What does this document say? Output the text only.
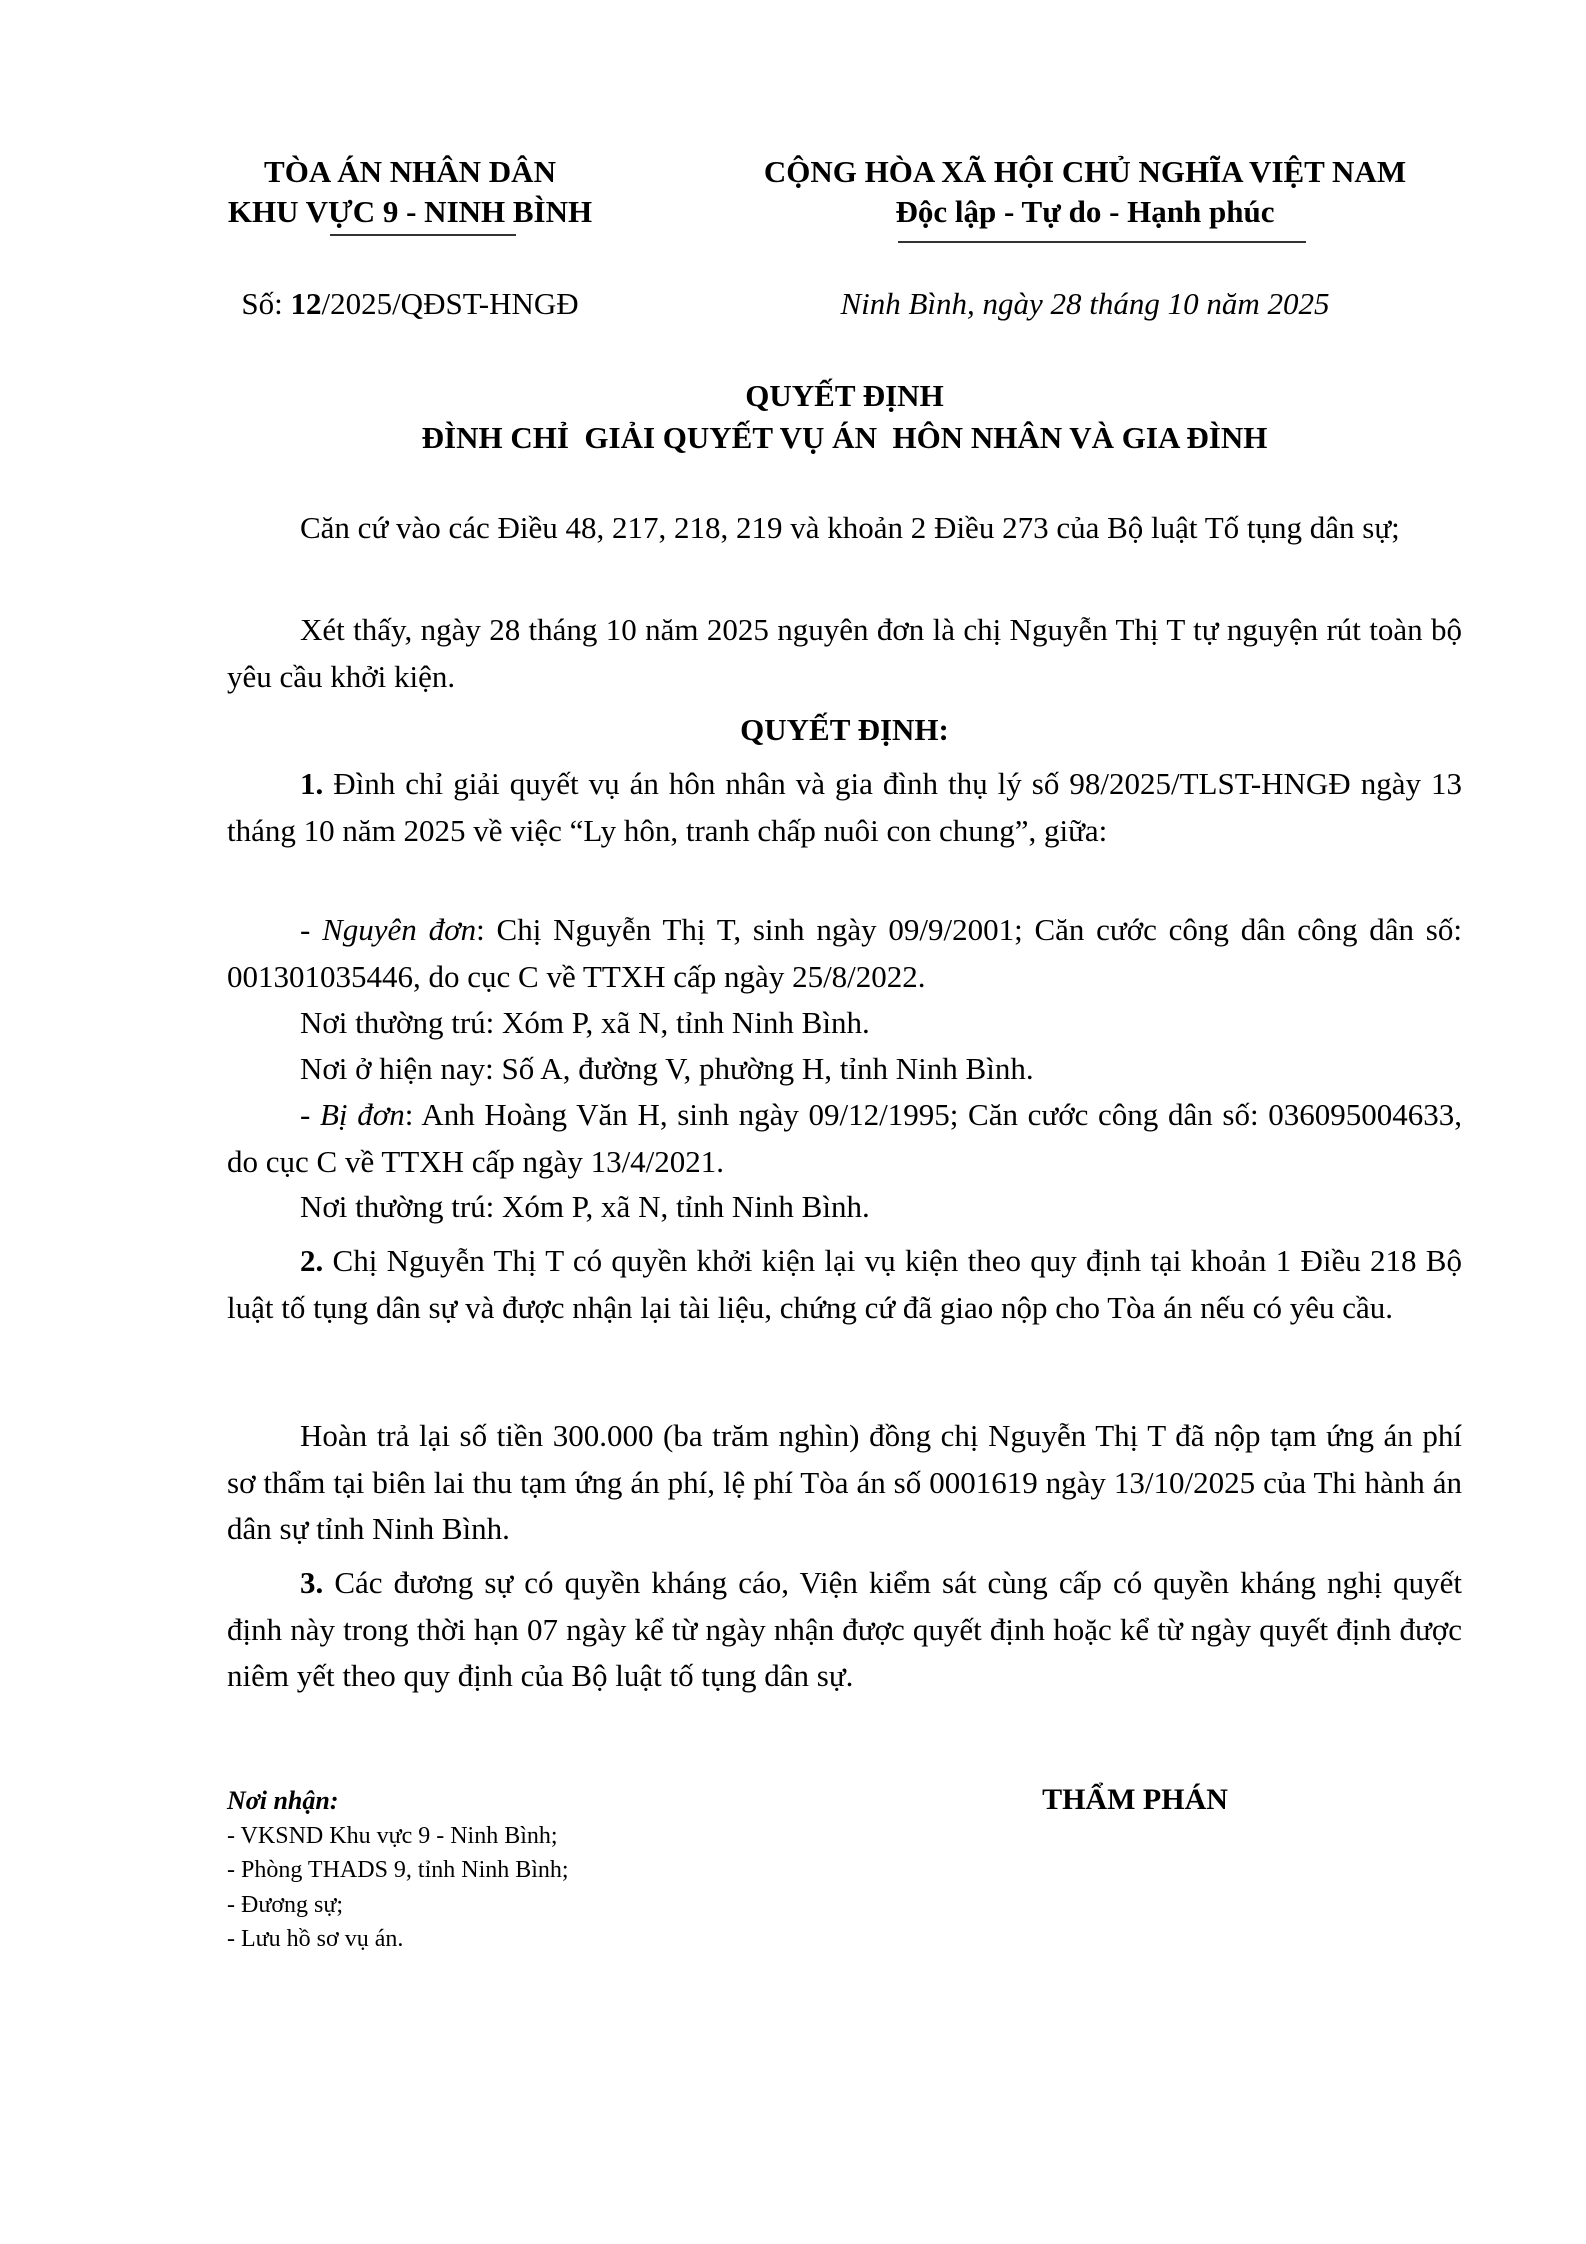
TÒA ÁN NHÂN DÂN
KHU VỰC 9 - NINH BÌNH
CỘNG HÒA XÃ HỘI CHỦ NGHĨA VIỆT NAM
Độc lập - Tự do - Hạnh phúc
Số: 12/2025/QĐST-HNGĐ	Ninh Bình, ngày 28 tháng 10 năm 2025
QUYẾT ĐỊNH
ĐÌNH CHỈ  GIẢI QUYẾT VỤ ÁN  HÔN NHÂN VÀ GIA ĐÌNH
Căn cứ vào các Điều 48, 217, 218, 219 và khoản 2 Điều 273 của Bộ luật Tố tụng dân sự;
Xét thấy, ngày 28 tháng 10 năm 2025 nguyên đơn là chị Nguyễn Thị T tự nguyện rút toàn bộ yêu cầu khởi kiện.
QUYẾT ĐỊNH:
1. Đình chỉ giải quyết vụ án hôn nhân và gia đình thụ lý số 98/2025/TLST-HNGĐ ngày 13 tháng 10 năm 2025 về việc “Ly hôn, tranh chấp nuôi con chung”, giữa:
- Nguyên đơn: Chị Nguyễn Thị T, sinh ngày 09/9/2001; Căn cước công dân công dân số: 001301035446, do cục C về TTXH cấp ngày 25/8/2022.
Nơi thường trú: Xóm P, xã N, tỉnh Ninh Bình.
Nơi ở hiện nay: Số A, đường V, phường H, tỉnh Ninh Bình.
- Bị đơn: Anh Hoàng Văn H, sinh ngày 09/12/1995; Căn cước công dân số: 036095004633, do cục C về TTXH cấp ngày 13/4/2021.
Nơi thường trú: Xóm P, xã N, tỉnh Ninh Bình.
2. Chị Nguyễn Thị T có quyền khởi kiện lại vụ kiện theo quy định tại khoản 1 Điều 218 Bộ luật tố tụng dân sự và được nhận lại tài liệu, chứng cứ đã giao nộp cho Tòa án nếu có yêu cầu.
Hoàn trả lại số tiền 300.000 (ba trăm nghìn) đồng chị Nguyễn Thị T đã nộp tạm ứng án phí sơ thẩm tại biên lai thu tạm ứng án phí, lệ phí Tòa án số 0001619 ngày 13/10/2025 của Thi hành án dân sự tỉnh Ninh Bình.
3. Các đương sự có quyền kháng cáo, Viện kiểm sát cùng cấp có quyền kháng nghị quyết định này trong thời hạn 07 ngày kể từ ngày nhận được quyết định hoặc kể từ ngày quyết định được niêm yết theo quy định của Bộ luật tố tụng dân sự.
Nơi nhận:
- VKSND Khu vực 9 - Ninh Bình;
- Phòng THADS 9, tỉnh Ninh Bình;
- Đương sự;
- Lưu hồ sơ vụ án.
THẨM PHÁN
